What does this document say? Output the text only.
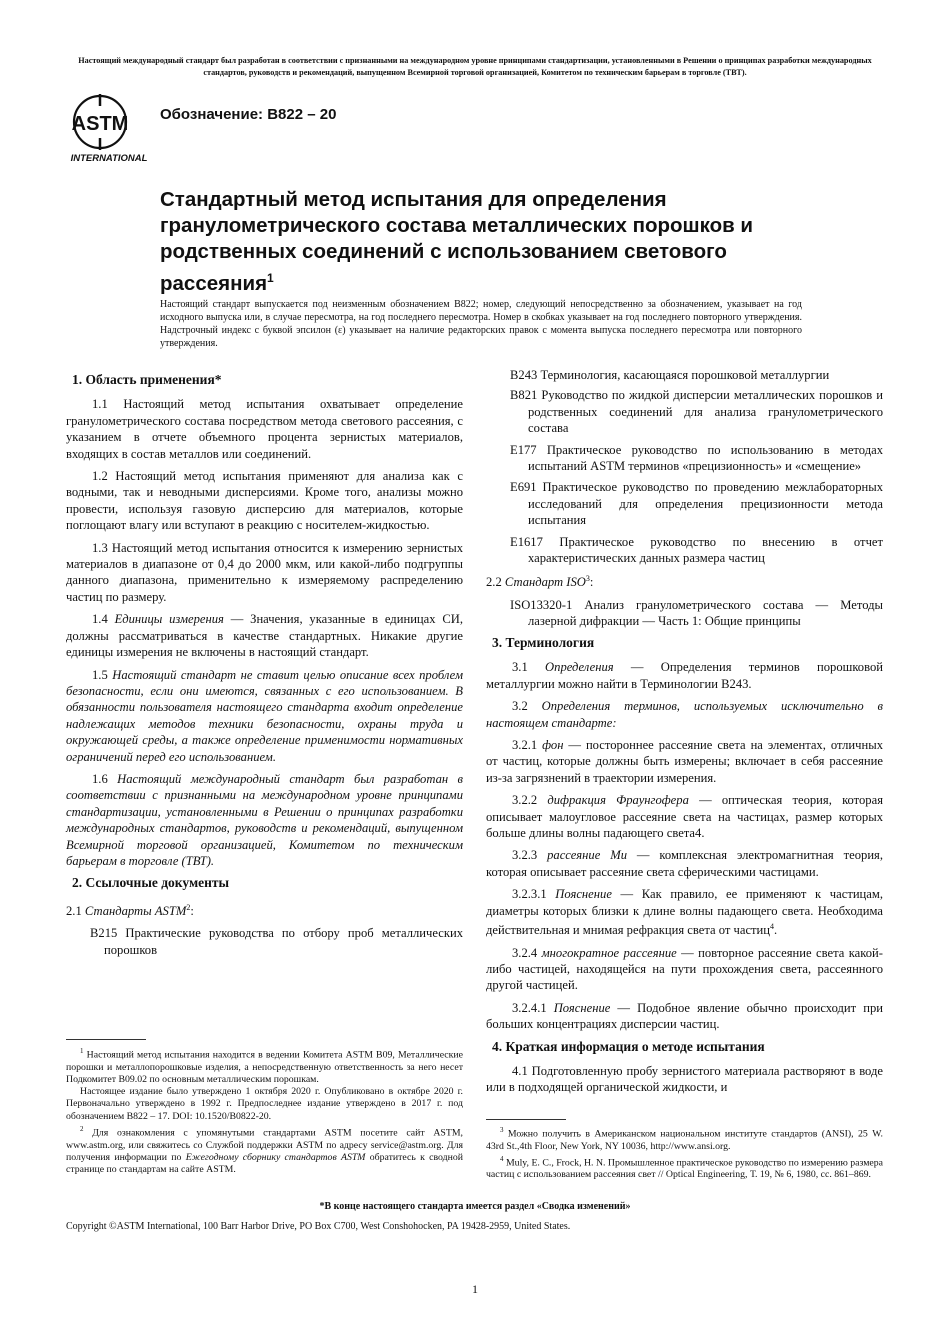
Настоящий международный стандарт был разработан в соответствии с признанными на международном уровне принципами стандартизации, установленными в Решении о принципах разработки международных стандартов, руководств и рекомендаций, выпущенном Всемирной торговой организацией, Комитетом по техническим барьерам в торговле (ТВТ).
ASTM
INTERNATIONAL
Обозначение: B822 – 20
Стандартный метод испытания для определения гранулометрического состава металлических порошков и родственных соединений с использованием светового рассеяния$^1$
Настоящий стандарт выпускается под неизменным обозначением B822; номер, следующий непосредственно за обозначением, указывает на год исходного выпуска или, в случае пересмотра, на год последнего пересмотра. Номер в скобках указывает на год последнего повторного утверждения. Надстрочный индекс с буквой эпсилон (ε) указывает на наличие редакторских правок с момента выпуска последнего пересмотра или повторного утверждения.
1. Область применения*

1.1 Настоящий метод испытания охватывает определение гранулометрического состава посредством метода светового рассеяния, с указанием в отчете объемного процента зернистых материалов, входящих в состав металлов или соединений.

1.2 Настоящий метод испытания применяют для анализа как с водными, так и неводными дисперсиями. Кроме того, анализы можно провести, используя газовую дисперсию для материалов, которые поглощают влагу или вступают в реакцию с носителем-жидкостью.

1.3 Настоящий метод испытания относится к измерению зернистых материалов в диапазоне от 0,4 до 2000 мкм, или какой-либо подгруппы данного диапазона, применительно к измеряемому распределению частиц по размеру.

1.4 Единицы измерения — Значения, указанные в единицах СИ, должны рассматриваться в качестве стандартных. Никакие другие единицы измерения не включены в настоящий стандарт.

1.5 Настоящий стандарт не ставит целью описание всех проблем безопасности, если они имеются, связанных с его использованием. В обязанности пользователя настоящего стандарта входит определение надлежащих методов техники безопасности, охраны труда и окружающей среды, а также определение применимости нормативных ограничений перед его использованием.

1.6 Настоящий международный стандарт был разработан в соответствии с признанными на международном уровне принципами стандартизации, установленными в Решении о принципах разработки международных стандартов, руководств и рекомендаций, выпущенном Всемирной торговой организацией, Комитетом по техническим барьерам в торговле (ТВТ).

2. Ссылочные документы

2.1 Стандарты ASTM$^2$:

B215 Практические руководства по отбору проб металлических порошков
B243 Терминология, касающаяся порошковой металлургии
B821 Руководство по жидкой дисперсии металлических порошков и родственных соединений для анализа гранулометрического состава
E177 Практическое руководство по использованию в методах испытаний ASTM терминов «прецизионность» и «смещение»
E691 Практическое руководство по проведению межлабораторных исследований для определения прецизионности метода испытания
E1617 Практическое руководство по внесению в отчет характеристических данных размера частиц

2.2 Стандарт ISO$^3$:

ISO13320-1 Анализ гранулометрического состава — Методы лазерной дифракции — Часть 1: Общие принципы
3. Терминология

3.1 Определения — Определения терминов порошковой металлургии можно найти в Терминологии B243.

3.2 Определения терминов, используемых исключительно в настоящем стандарте:

3.2.1 фон — постороннее рассеяние света на элементах, отличных от частиц, которые должны быть измерены; включает в себя рассеяние из-за загрязнений в траектории измерения.

3.2.2 дифракция Фраунгофера — оптическая теория, которая описывает малоугловое рассеяние света на частицах, размер которых больше длины волны падающего света4.

3.2.3 рассеяние Ми — комплексная электромагнитная теория, которая описывает рассеяние света сферическими частицами.

3.2.3.1 Пояснение — Как правило, ее применяют к частицам, диаметры которых близки к длине волны падающего света. Необходима действительная и мнимая рефракция света от частиц$^4$.

3.2.4 многократное рассеяние — повторное рассеяние света какой-либо частицей, находящейся на пути прохождения света, рассеянного другой частицей.

3.2.4.1 Пояснение — Подобное явление обычно происходит при больших концентрациях дисперсии частиц.

4. Краткая информация о методе испытания

4.1 Подготовленную пробу зернистого материала растворяют в воде или в подходящей органической жидкости, и

$^1$ Настоящий метод испытания находится в ведении Комитета ASTM B09, Металлические порошки и металлопорошковые изделия, а непосредственную ответственность за него несет Подкомитет B09.02 по основным металлическим порошкам.

Настоящее издание было утверждено 1 октября 2020 г. Опубликовано в октябре 2020 г. Первоначально утверждено в 1992 г. Предпоследнее издание утверждено в 2017 г. под обозначением B822 – 17. DOI: 10.1520/B0822-20.

$^2$ Для ознакомления с упомянутыми стандартами ASTM посетите сайт ASTM, www.astm.org, или свяжитесь со Службой поддержки ASTM по адресу service@astm.org. Для получения информации по Ежегодному сборнику стандартов ASTM обратитесь к сводной странице по стандартам на сайте ASTM.

$^3$ Можно получить в Американском национальном институте стандартов (ANSI), 25 W. 43rd St.,4th Floor, New York, NY 10036, http://www.ansi.org.

$^4$ Muly, E. C., Frock, H. N. Промышленное практическое руководство по измерению размера частиц с использованием рассеяния свет // Optical Engineering, Т. 19, № 6, 1980, сс. 861–869.

*В конце настоящего стандарта имеется раздел «Сводка изменений»
Copyright ©ASTM International, 100 Barr Harbor Drive, PO Box C700, West Conshohocken, PA 19428-2959, United States.
1
